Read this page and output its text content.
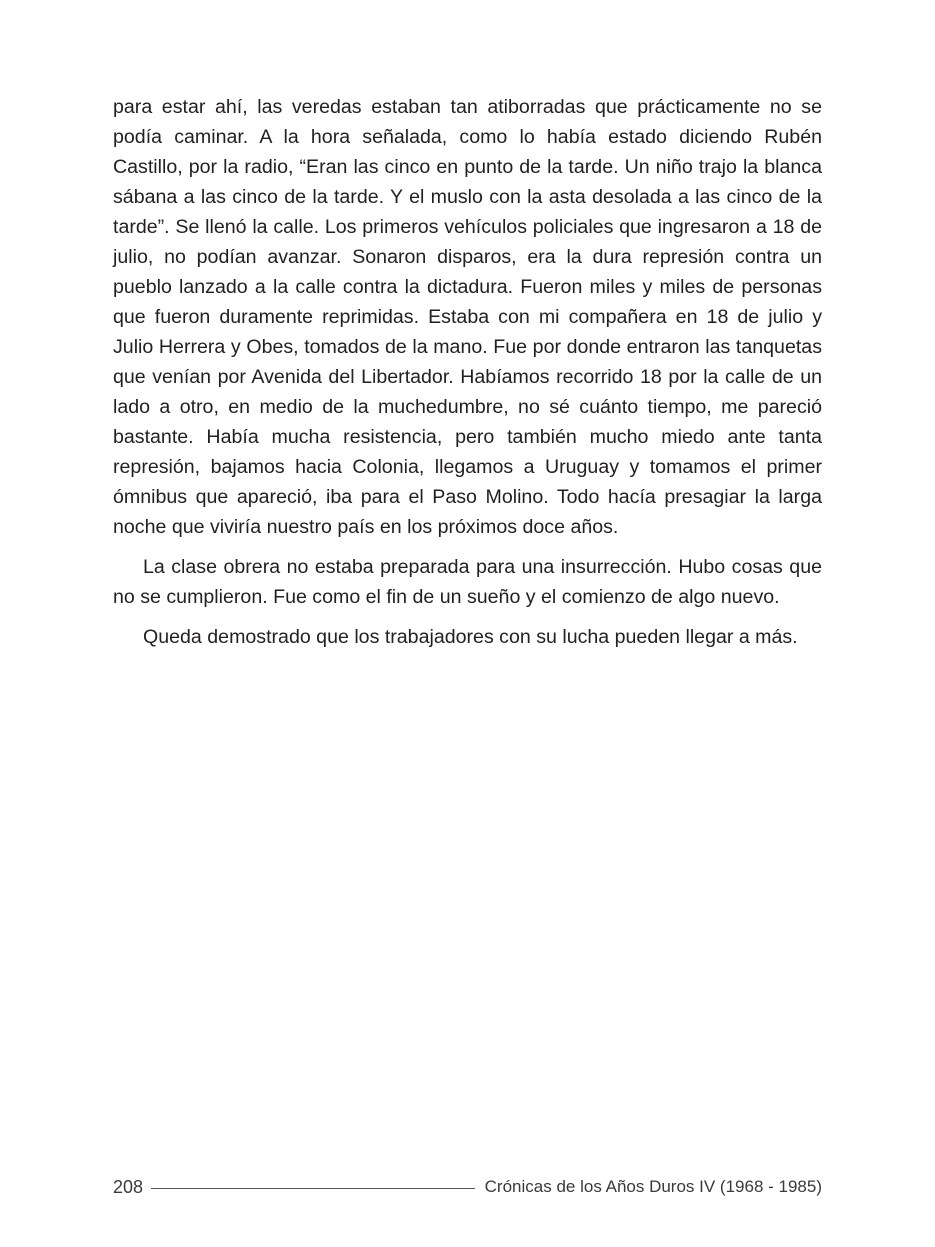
para estar ahí, las veredas estaban tan atiborradas que prácticamente no se podía caminar. A la hora señalada, como lo había estado diciendo Rubén Castillo, por la radio, “Eran las cinco en punto de la tarde. Un niño trajo la blanca sábana a las cinco de la tarde. Y el muslo con la asta desolada a las cinco de la tarde”. Se llenó la calle. Los primeros vehículos policiales que ingresaron a 18 de julio, no podían avanzar. Sonaron disparos, era la dura represión contra un pueblo lanzado a la calle contra la dictadura. Fueron miles y miles de personas que fueron duramente reprimidas. Estaba con mi compañera en 18 de julio y Julio Herrera y Obes, tomados de la mano. Fue por donde entraron las tanquetas que venían por Avenida del Libertador. Habíamos recorrido 18 por la calle de un lado a otro, en medio de la muchedumbre, no sé cuánto tiempo, me pareció bastante. Había mucha resistencia, pero también mucho miedo ante tanta represión, bajamos hacia Colonia, llegamos a Uruguay y tomamos el primer ómnibus que apareció, iba para el Paso Molino. Todo hacía presagiar la larga noche que viviría nuestro país en los próximos doce años.

La clase obrera no estaba preparada para una insurrección. Hubo cosas que no se cumplieron. Fue como el fin de un sueño y el comienzo de algo nuevo.

Queda demostrado que los trabajadores con su lucha pueden llegar a más.

208	Crónicas de los Años Duros IV (1968 - 1985)
